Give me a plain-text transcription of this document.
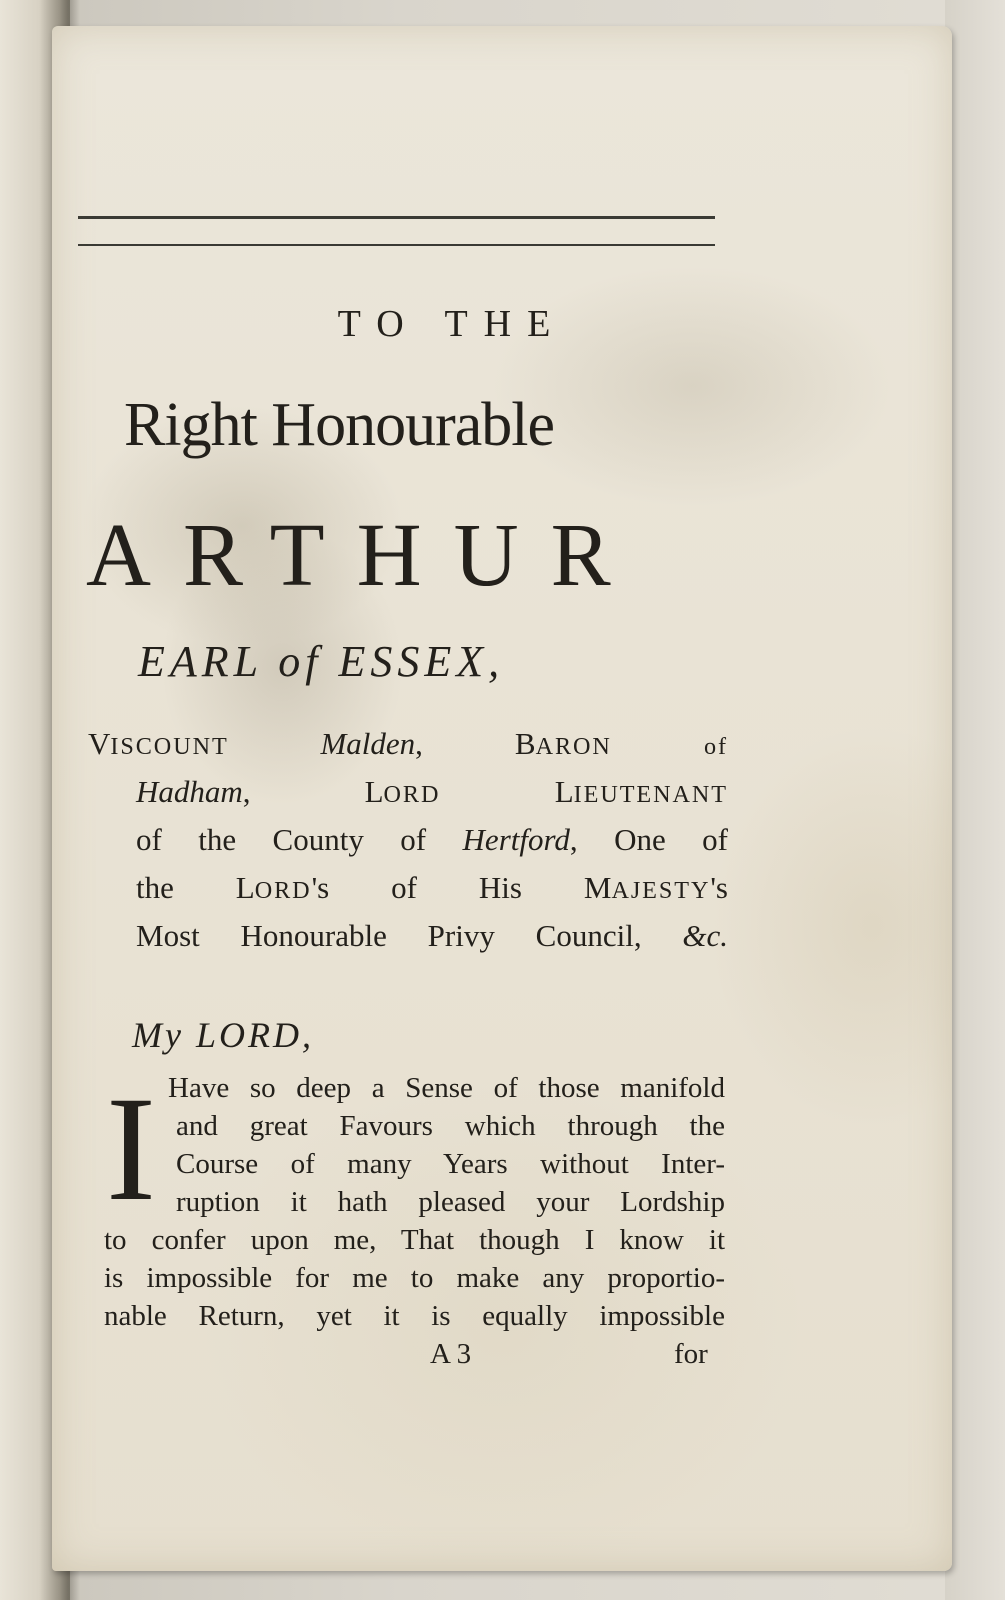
TO THE

Right Honourable

ARTHUR

EARL of ESSEX,

VISCOUNT Malden, BARON of

Hadham, LORD LIEUTENANT

of the County of Hertford, One of

the LORD's of His MAJESTY's

Most Honourable Privy Council, &c.

My LORD,

I Have so deep a Sense of those manifold

and great Favours which through the

Course of many Years without Inter-

ruption it hath pleased your Lordship

to confer upon me, That though I know it

is impossible for me to make any proportio-

nable Return, yet it is equally impossible

A 3	for
